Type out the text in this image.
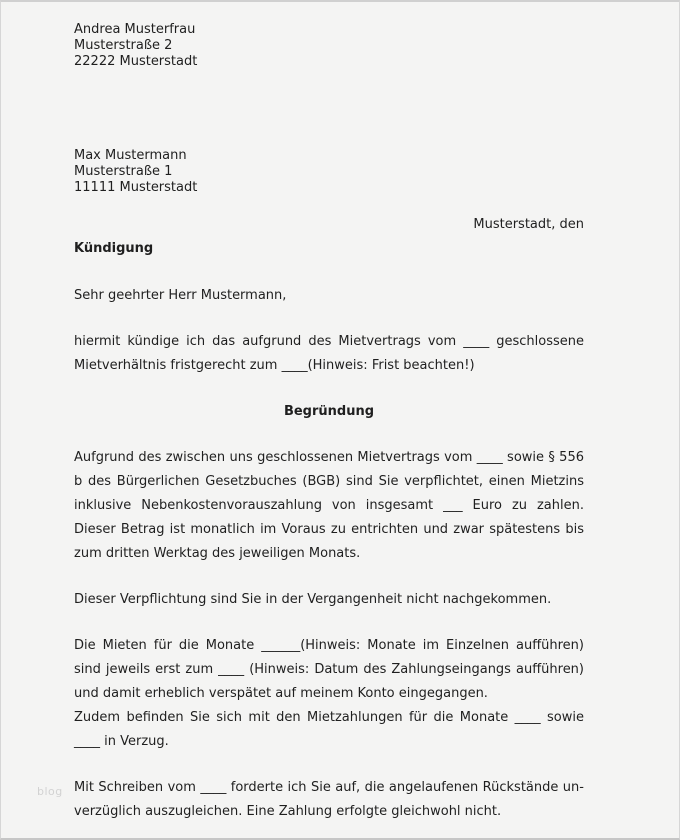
Andrea Musterfrau
Musterstraße 2
22222 Musterstadt
Max Mustermann
Musterstraße 1
11111 Musterstadt
Musterstadt, den
Kündigung
Sehr geehrter Herr Mustermann,

hiermit kündige ich das aufgrund des Mietvertrags vom ____ geschlossene Mietverhältnis fristgerecht zum ____(Hinweis: Frist beachten!)

Begründung

Aufgrund des zwischen uns geschlossenen Mietvertrags vom ____ sowie § 556 b des Bürgerlichen Gesetzbuches (BGB) sind Sie verpflichtet, einen Mietzins inklusive Nebenkostenvorauszahlung von insgesamt ___ Euro zu zahlen. Dieser Betrag ist monatlich im Voraus zu entrichten und zwar spätestens bis zum dritten Werktag des jeweiligen Monats.

Dieser Verpflichtung sind Sie in der Vergangenheit nicht nachgekommen.

Die Mieten für die Monate ______(Hinweis: Monate im Einzelnen aufführen) sind jeweils erst zum ____ (Hinweis: Datum des Zahlungseingangs aufführen) und damit erheblich verspätet auf meinem Konto eingegangen.

Zudem befinden Sie sich mit den Mietzahlungen für die Monate ____ sowie ____ in Verzug.

Mit Schreiben vom ____ forderte ich Sie auf, die angelaufenen Rückstände unverzüglich auszugleichen. Eine Zahlung erfolgte gleichwohl nicht.

blog
